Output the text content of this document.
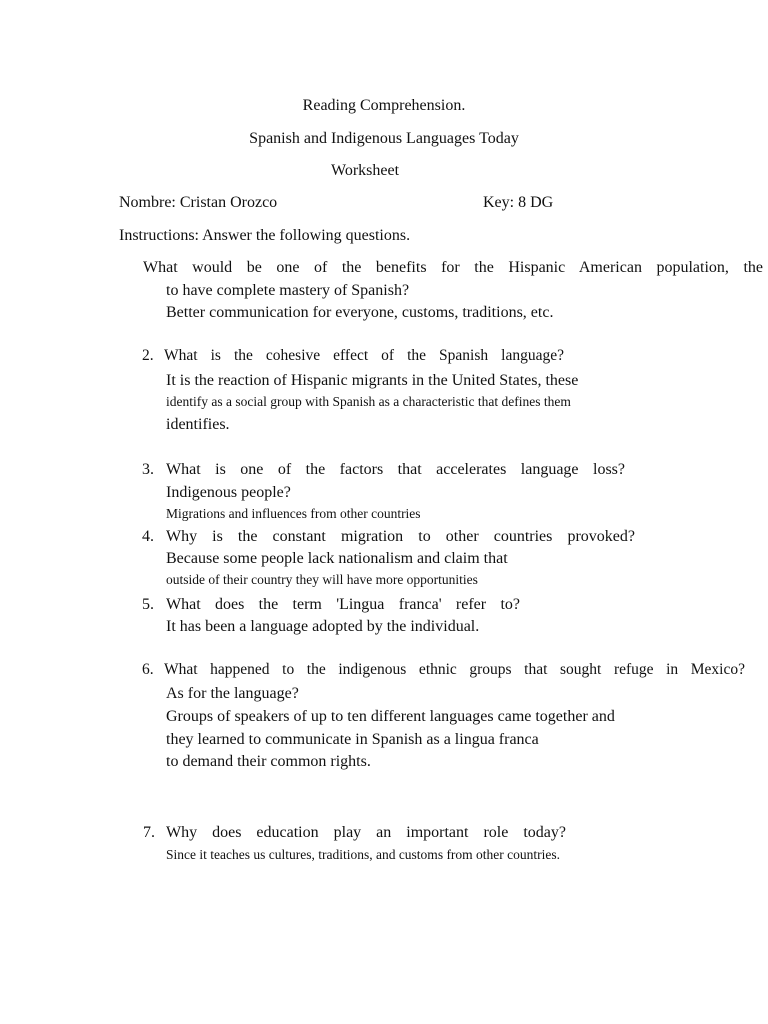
Reading Comprehension.

Spanish and Indigenous Languages Today

Worksheet

Nombre: Cristan Orozco	Key: 8 DG

Instructions: Answer the following questions.

What would be one of the benefits for the Hispanic American population, the

to have complete mastery of Spanish?

Better communication for everyone, customs, traditions, etc.

2. What is the cohesive effect of the Spanish language?

It is the reaction of Hispanic migrants in the United States, these

identify as a social group with Spanish as a characteristic that defines them

identifies.

3. What is one of the factors that accelerates language loss?

Indigenous people?

Migrations and influences from other countries

4. Why is the constant migration to other countries provoked?

Because some people lack nationalism and claim that

outside of their country they will have more opportunities

5. What does the term 'Lingua franca' refer to?

It has been a language adopted by the individual.

6. What happened to the indigenous ethnic groups that sought refuge in Mexico?

As for the language?

Groups of speakers of up to ten different languages came together and

they learned to communicate in Spanish as a lingua franca

to demand their common rights.

7. Why does education play an important role today?

Since it teaches us cultures, traditions, and customs from other countries.
